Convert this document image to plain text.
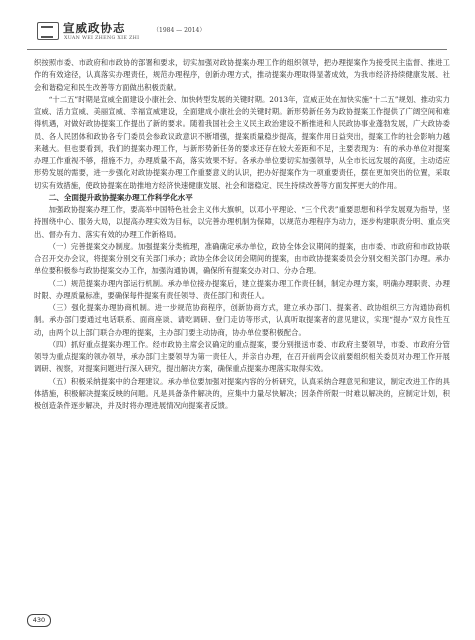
宣威政协志	（1984 — 2014）
XUAN WEI ZHENG XIE ZHI

织按照市委、市政府和市政协的部署和要求，切实加强对政协提案办理工作的组织领导，把办理提案作为接受民主监督、推进工作的有效途径，认真落实办理责任，规范办理程序，创新办理方式，推动提案办理取得显著成效，为我市经济持续健康发展、社会和谐稳定和民生改善等方面做出积极贡献。

“十二五”时期是宣威全面建设小康社会、加快转型发展的关键时期。2013年，宣威正处在加快实施“十二五”规划、推动实力宣威、活力宣威、美丽宣威、幸福宣威建设，全面建成小康社会的关键时期。新形势新任务为政协提案工作提供了广阔空间和难得机遇，对做好政协提案工作提出了新的要求。随着我国社会主义民主政治建设不断推进和人民政协事业蓬勃发展，广大政协委员、各人民团体和政协各专门委员会参政议政意识不断增强，提案质量稳步提高，提案作用日益突出，提案工作的社会影响力越来越大。但也要看到，我们的提案办理工作，与新形势新任务的要求还存在较大差距和不足，主要表现为：有的承办单位对提案办理工作重视不够，措施不力，办理质量不高，落实效果不好。各承办单位要切实加强领导，从全市长远发展的高度，主动适应形势发展的需要，进一步强化对政协提案办理工作重要意义的认识，把办好提案作为一项重要责任，摆在更加突出的位置，采取切实有效措施，使政协提案在助推地方经济快速健康发展、社会和谐稳定、民生持续改善等方面发挥更大的作用。

二、全面提升政协提案办理工作科学化水平

加强政协提案办理工作，要高举中国特色社会主义伟大旗帜，以邓小平理论、“三个代表”重要思想和科学发展观为指导，坚持围绕中心、服务大局，以提高办理实效为目标，以完善办理机制为保障，以规范办理程序为动力，逐步构建职责分明、重点突出、督办有力、落实有效的办理工作新格局。

（一）完善提案交办制度。加强提案分类梳理，准确确定承办单位，政协全体会议期间的提案，由市委、市政府和市政协联合召开交办会议，将提案分别交有关部门承办；政协全体会议闭会期间的提案，由市政协提案委员会分别交相关部门办理。承办单位要积极参与政协提案交办工作，加强沟通协调，确保所有提案交办对口、分办合理。

（二）规范提案办理内部运行机制。承办单位接办提案后，建立提案办理工作责任制，制定办理方案，明确办理职责、办理时限、办理质量标准，要确保每件提案有责任领导、责任部门和责任人。

（三）强化提案办理协商机制。进一步规范协商程序，创新协商方式，建立承办部门、提案者、政协组织三方沟通协商机制。承办部门要通过电话联系、面商座谈、请吃调研、登门走访等形式，认真听取提案者的意见建议，实现“提办”双方良性互动，由两个以上部门联合办理的提案，主办部门要主动协商，协办单位要积极配合。

（四）抓好重点提案办理工作。经市政协主席会议确定的重点提案，要分别报送市委、市政府主要领导，市委、市政府分管领导为重点提案的领办领导，承办部门主要领导为第一责任人，并亲自办理，在召开前两会议前要组织相关委员对办理工作开展调研、视察，对提案问题进行深入研究，提出解决方案，确保重点提案办理落实取得实效。

（五）积极采纳提案中的合理建议。承办单位要加强对提案内容的分析研究，认真采纳合理意见和建议，制定改进工作的具体措施，积极解决提案反映的问题。凡是具备条件解决的，应集中力量尽快解决；因条件所限一时难以解决的，应制定计划，积极创造条件逐步解决，并及时将办理进展情况向提案者反馈。

430
